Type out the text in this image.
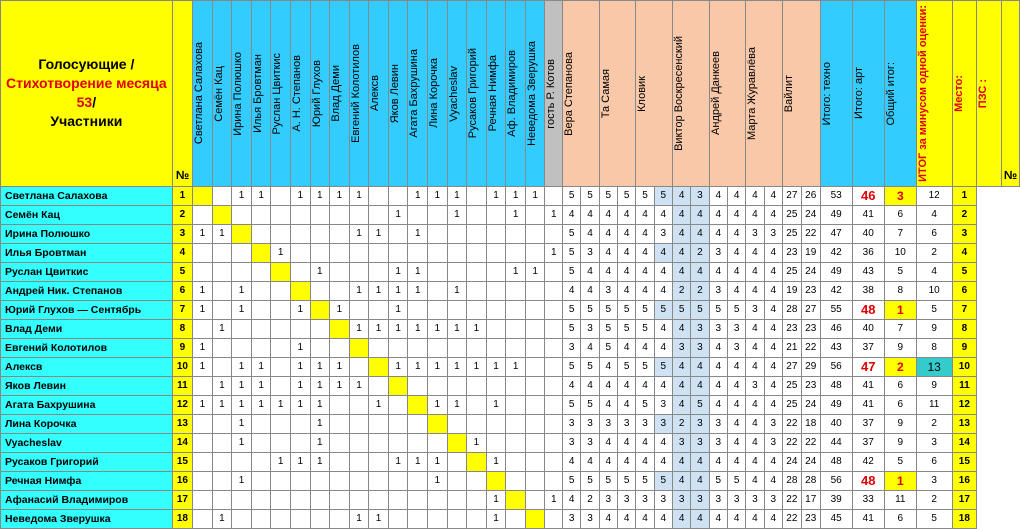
Голосующие /
Стихотворение месяца 53/
Участники	№	Светлана Салахова	Семён Кац	Ирина Полюшко	Илья Бровтман	Руслан Цвиткис	А. Н. Степанов	Юрий Глухов	Влад Деми	Евгений Колотилов	Алексв	Яков Левин	Агата Бахрушина	Лина Корочка	Vyacheslav	Русаков Григорий	Речная Нимфа	Аф. Владимиров	Неведома Зверушка	гость Р. Котов	Вера Степанова		Та Самая		Кловик		Виктор Воскресенский		Андрей Данкеев		Марта Журавлёва		Вайлит		Итого: техно	Итого: арт	Общий итог:	ИТОГ за минусом одной оценки:	Место:	ПЗС :	№
Светлана Салахова	1			1	1		1	1	1	1			1	1	1		1	1	1		5	5	5	5	5	5	4	3	4	4	4	4	27	26	53	46	3	12	1		
Семён Кац	2											1			1			1		1	4	4	4	4	4	4	4	4	4	4	4	4	25	24	49	41	6	4	2		
Ирина Полюшко	3	1	1							1	1		1								5	4	4	4	4	3	4	4	4	4	3	3	25	22	47	40	7	6	3		
Илья Бровтман	4					1														1	5	3	4	4	4	4	4	2	3	4	4	4	23	19	42	36	10	2	4		
Руслан Цвиткис	5							1				1	1					1	1		5	4	4	4	4	4	4	4	4	4	4	4	25	24	49	43	5	4	5		
Андрей Ник. Степанов	6	1		1						1	1	1	1		1						4	4	3	4	4	4	2	2	3	4	4	4	19	23	42	38	8	10	6		
Юрий Глухов — Сентябрь	7	1		1			1		1			1									5	5	5	5	5	5	5	5	5	5	3	4	28	27	55	48	1	5	7		
Влад Деми	8		1							1	1	1	1	1	1	1					5	3	5	5	5	4	4	3	3	3	4	4	23	23	46	40	7	9	8		
Евгений Колотилов	9	1					1														3	4	5	4	4	4	3	3	4	3	4	4	21	22	43	37	9	8	9		
Алексв	10	1		1	1		1	1	1			1	1	1	1	1	1	1			5	5	4	5	5	5	4	4	4	4	4	4	27	29	56	47	2	13	10		
Яков Левин	11		1	1	1		1	1	1	1											4	4	4	4	4	4	4	4	4	4	3	4	25	23	48	41	6	9	11		
Агата Бахрушина	12	1	1	1	1	1	1	1			1			1	1		1				5	5	4	4	5	3	4	5	4	4	4	4	25	24	49	41	6	11	12		
Лина Корочка	13			1				1													3	3	3	3	3	3	2	3	3	4	4	3	22	18	40	37	9	2	13		
Vyacheslav	14			1				1								1					3	3	4	4	4	4	3	3	3	4	4	3	22	22	44	37	9	3	14		
Русаков Григорий	15					1	1	1				1	1	1			1				4	4	4	4	4	4	4	4	4	4	4	4	24	24	48	42	5	6	15		
Речная Нимфа	16			1										1							5	5	5	5	5	5	4	4	5	5	4	4	28	28	56	48	1	3	16		
Афанасий Владимиров	17																1			1	4	2	3	3	3	3	3	3	3	3	3	3	22	17	39	33	11	2	17		
Неведома Зверушка	18		1							1	1						1				3	3	4	4	4	4	4	4	4	4	4	4	22	23	45	41	6	5	18		
